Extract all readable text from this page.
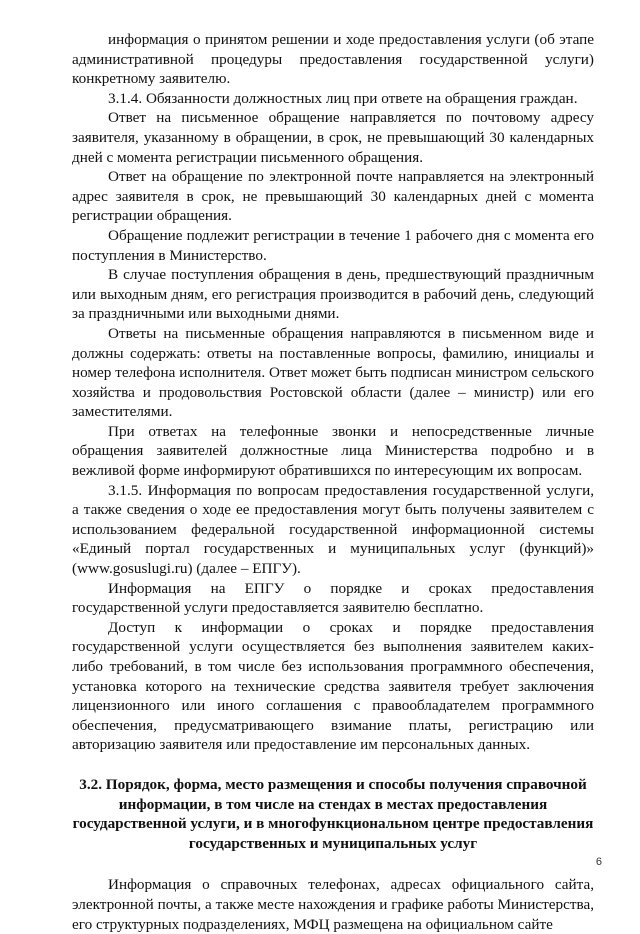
информация о принятом решении и ходе предоставления услуги (об этапе административной процедуры предоставления государственной услуги) конкретному заявителю.

3.1.4. Обязанности должностных лиц при ответе на обращения граждан.

Ответ на письменное обращение направляется по почтовому адресу заявителя, указанному в обращении, в срок, не превышающий 30 календарных дней с момента регистрации письменного обращения.

Ответ на обращение по электронной почте направляется на электронный адрес заявителя в срок, не превышающий 30 календарных дней с момента регистрации обращения.

Обращение подлежит регистрации в течение 1 рабочего дня с момента его поступления в Министерство.

В случае поступления обращения в день, предшествующий праздничным или выходным дням, его регистрация производится в рабочий день, следующий за праздничными или выходными днями.

Ответы на письменные обращения направляются в письменном виде и должны содержать: ответы на поставленные вопросы, фамилию, инициалы и номер телефона исполнителя. Ответ может быть подписан министром сельского хозяйства и продовольствия Ростовской области (далее – министр) или его заместителями.

При ответах на телефонные звонки и непосредственные личные обращения заявителей должностные лица Министерства подробно и в вежливой форме информируют обратившихся по интересующим их вопросам.

3.1.5. Информация по вопросам предоставления государственной услуги, а также сведения о ходе ее предоставления могут быть получены заявителем с использованием федеральной государственной информационной системы «Единый портал государственных и муниципальных услуг (функций)» (www.gosuslugi.ru) (далее – ЕПГУ).

Информация на ЕПГУ о порядке и сроках предоставления государственной услуги предоставляется заявителю бесплатно.

Доступ к информации о сроках и порядке предоставления государственной услуги осуществляется без выполнения заявителем каких-либо требований, в том числе без использования программного обеспечения, установка которого на технические средства заявителя требует заключения лицензионного или иного соглашения с правообладателем программного обеспечения, предусматривающего взимание платы, регистрацию или авторизацию заявителя или предоставление им персональных данных.

3.2. Порядок, форма, место размещения и способы получения справочной информации, в том числе на стендах в местах предоставления государственной услуги, и в многофункциональном центре предоставления государственных и муниципальных услуг

Информация о справочных телефонах, адресах официального сайта, электронной почты, а также месте нахождения и графике работы Министерства, его структурных подразделениях, МФЦ размещена на официальном сайте

6
